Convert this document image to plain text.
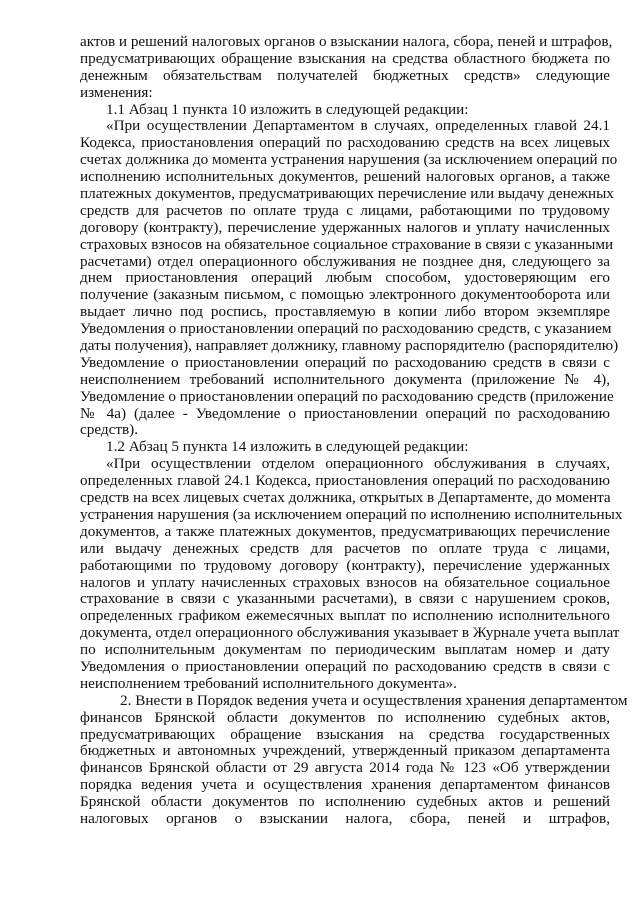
актов и решений налоговых органов о взыскании налога, сбора, пеней и штрафов,
предусматривающих обращение взыскания на средства областного бюджета по
денежным обязательствам получателей бюджетных средств» следующие
изменения:
1.1 Абзац 1 пункта 10 изложить в следующей редакции:
«При осуществлении Департаментом в случаях, определенных главой 24.1
Кодекса, приостановления операций по расходованию средств на всех лицевых
счетах должника до момента устранения нарушения (за исключением операций по
исполнению исполнительных документов, решений налоговых органов, а также
платежных документов, предусматривающих перечисление или выдачу денежных
средств для расчетов по оплате труда с лицами, работающими по трудовому
договору (контракту), перечисление удержанных налогов и уплату начисленных
страховых взносов на обязательное социальное страхование в связи с указанными
расчетами) отдел операционного обслуживания не позднее дня, следующего за
днем приостановления операций любым способом, удостоверяющим его
получение (заказным письмом, с помощью электронного документооборота или
выдает лично под роспись, проставляемую в копии либо втором экземпляре
Уведомления о приостановлении операций по расходованию средств, с указанием
даты получения), направляет должнику, главному распорядителю (распорядителю)
Уведомление о приостановлении операций по расходованию средств в связи с
неисполнением требований исполнительного документа (приложение № 4),
Уведомление о приостановлении операций по расходованию средств (приложение
№ 4а) (далее - Уведомление о приостановлении операций по расходованию
средств).
1.2 Абзац 5 пункта 14 изложить в следующей редакции:
«При осуществлении отделом операционного обслуживания в случаях,
определенных главой 24.1 Кодекса, приостановления операций по расходованию
средств на всех лицевых счетах должника, открытых в Департаменте, до момента
устранения нарушения (за исключением операций по исполнению исполнительных
документов, а также платежных документов, предусматривающих перечисление
или выдачу денежных средств для расчетов по оплате труда с лицами,
работающими по трудовому договору (контракту), перечисление удержанных
налогов и уплату начисленных страховых взносов на обязательное социальное
страхование в связи с указанными расчетами), в связи с нарушением сроков,
определенных графиком ежемесячных выплат по исполнению исполнительного
документа, отдел операционного обслуживания указывает в Журнале учета выплат
по исполнительным документам по периодическим выплатам номер и дату
Уведомления о приостановлении операций по расходованию средств в связи с
неисполнением требований исполнительного документа».
2. Внести в Порядок ведения учета и осуществления хранения департаментом
финансов Брянской области документов по исполнению судебных актов,
предусматривающих обращение взыскания на средства государственных
бюджетных и автономных учреждений, утвержденный приказом департамента
финансов Брянской области от 29 августа 2014 года № 123 «Об утверждении
порядка ведения учета и осуществления хранения департаментом финансов
Брянской области документов по исполнению судебных актов и решений
налоговых органов о взыскании налога, сбора, пеней и штрафов,
